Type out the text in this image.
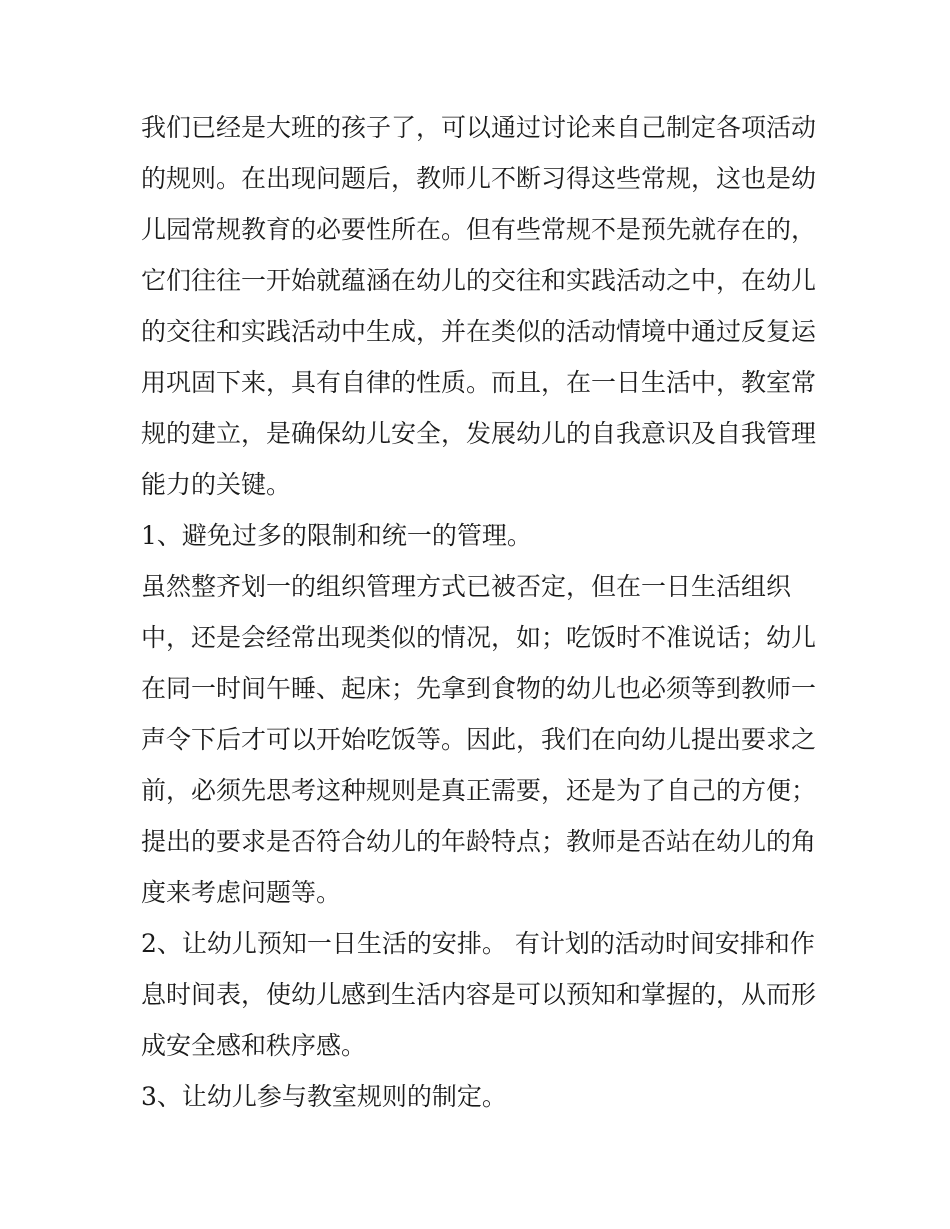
我们已经是大班的孩子了，可以通过讨论来自己制定各项活动

的规则。在出现问题后，教师儿不断习得这些常规，这也是幼

儿园常规教育的必要性所在。但有些常规不是预先就存在的，

它们往往一开始就蕴涵在幼儿的交往和实践活动之中，在幼儿

的交往和实践活动中生成，并在类似的活动情境中通过反复运

用巩固下来，具有自律的性质。而且，在一日生活中，教室常

规的建立，是确保幼儿安全，发展幼儿的自我意识及自我管理

能力的关键。

1、避免过多的限制和统一的管理。

虽然整齐划一的组织管理方式已被否定，但在一日生活组织

中，还是会经常出现类似的情况，如；吃饭时不准说话；幼儿

在同一时间午睡、起床；先拿到食物的幼儿也必须等到教师一

声令下后才可以开始吃饭等。因此，我们在向幼儿提出要求之

前，必须先思考这种规则是真正需要，还是为了自己的方便；

提出的要求是否符合幼儿的年龄特点；教师是否站在幼儿的角

度来考虑问题等。

2、让幼儿预知一日生活的安排。 有计划的活动时间安排和作

息时间表，使幼儿感到生活内容是可以预知和掌握的，从而形

成安全感和秩序感。

3、让幼儿参与教室规则的制定。
